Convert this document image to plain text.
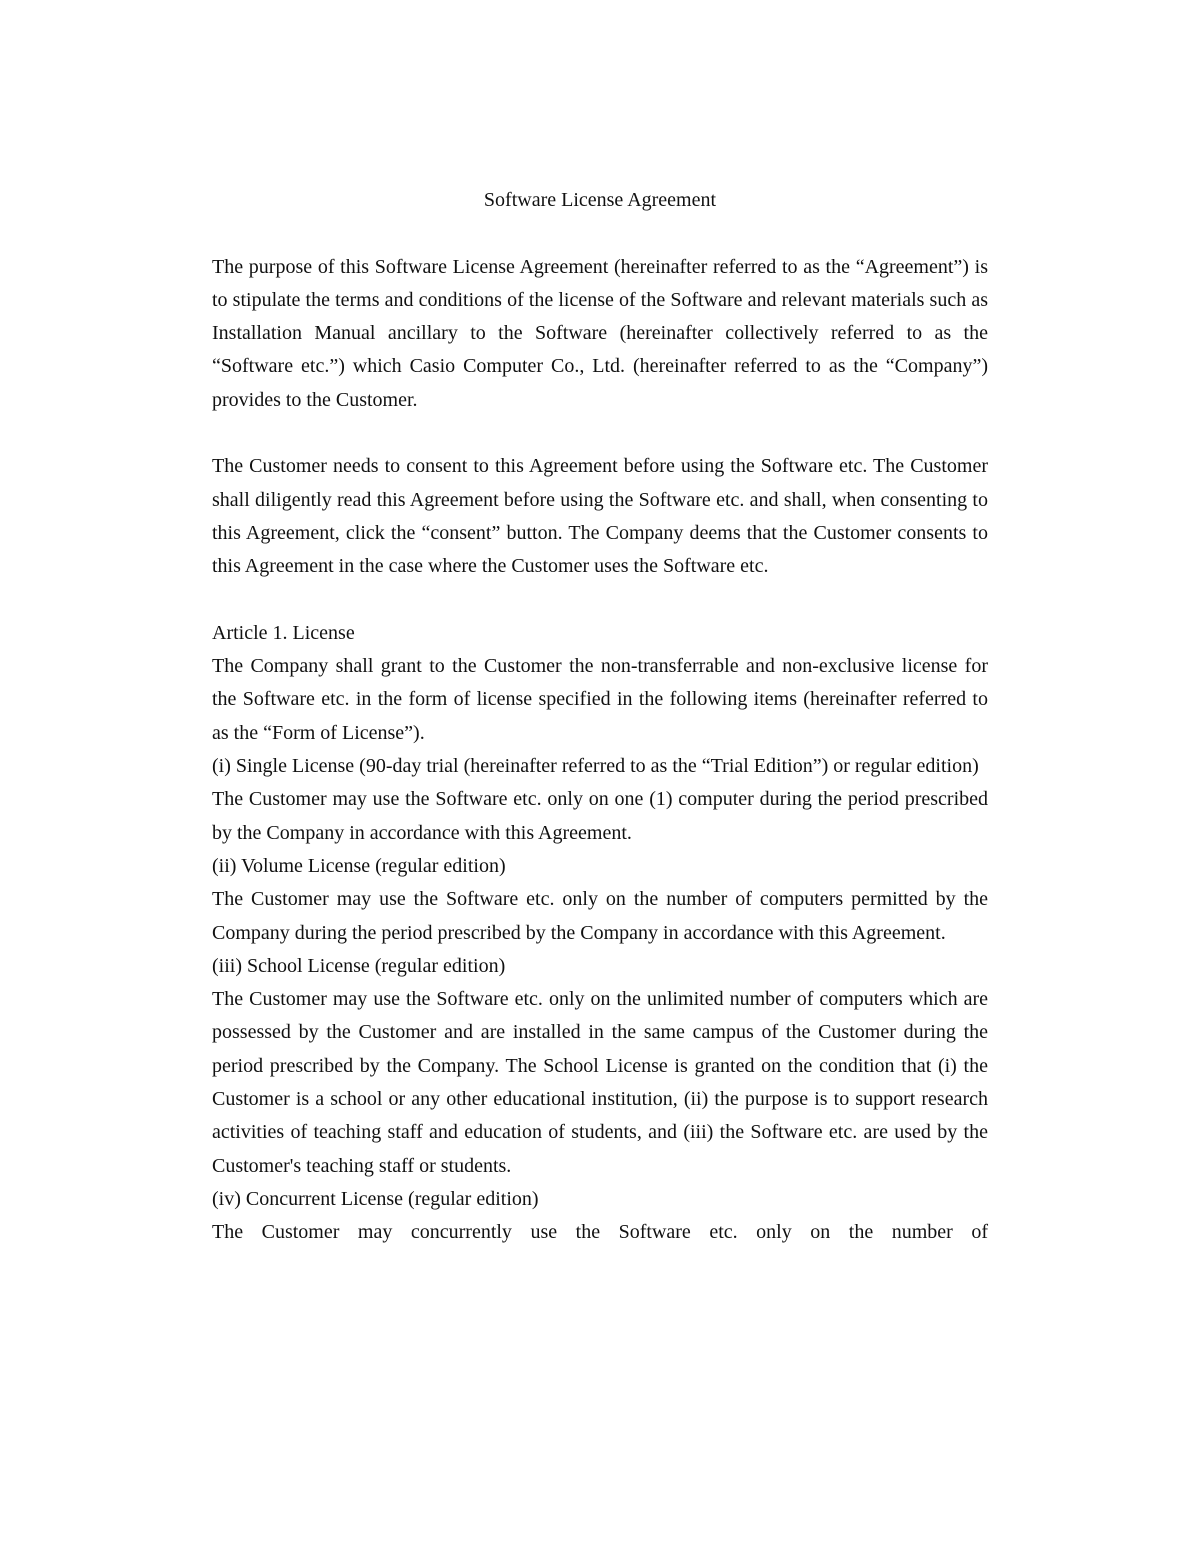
Software License Agreement

The purpose of this Software License Agreement (hereinafter referred to as the “Agreement”) is to stipulate the terms and conditions of the license of the Software and relevant materials such as Installation Manual ancillary to the Software (hereinafter collectively referred to as the “Software etc.”) which Casio Computer Co., Ltd. (hereinafter referred to as the “Company”) provides to the Customer.

The Customer needs to consent to this Agreement before using the Software etc. The Customer shall diligently read this Agreement before using the Software etc. and shall, when consenting to this Agreement, click the “consent” button. The Company deems that the Customer consents to this Agreement in the case where the Customer uses the Software etc.

Article 1. License

The Company shall grant to the Customer the non-transferrable and non-exclusive license for the Software etc. in the form of license specified in the following items (hereinafter referred to as the “Form of License”).

(i) Single License (90-day trial (hereinafter referred to as the “Trial Edition”) or regular edition)

The Customer may use the Software etc. only on one (1) computer during the period prescribed by the Company in accordance with this Agreement.

(ii) Volume License (regular edition)

The Customer may use the Software etc. only on the number of computers permitted by the Company during the period prescribed by the Company in accordance with this Agreement.

(iii) School License (regular edition)

The Customer may use the Software etc. only on the unlimited number of computers which are possessed by the Customer and are installed in the same campus of the Customer during the period prescribed by the Company. The School License is granted on the condition that (i) the Customer is a school or any other educational institution, (ii) the purpose is to support research activities of teaching staff and education of students, and (iii) the Software etc. are used by the Customer's teaching staff or students.

(iv) Concurrent License (regular edition)

The Customer may concurrently use the Software etc. only on the number of
